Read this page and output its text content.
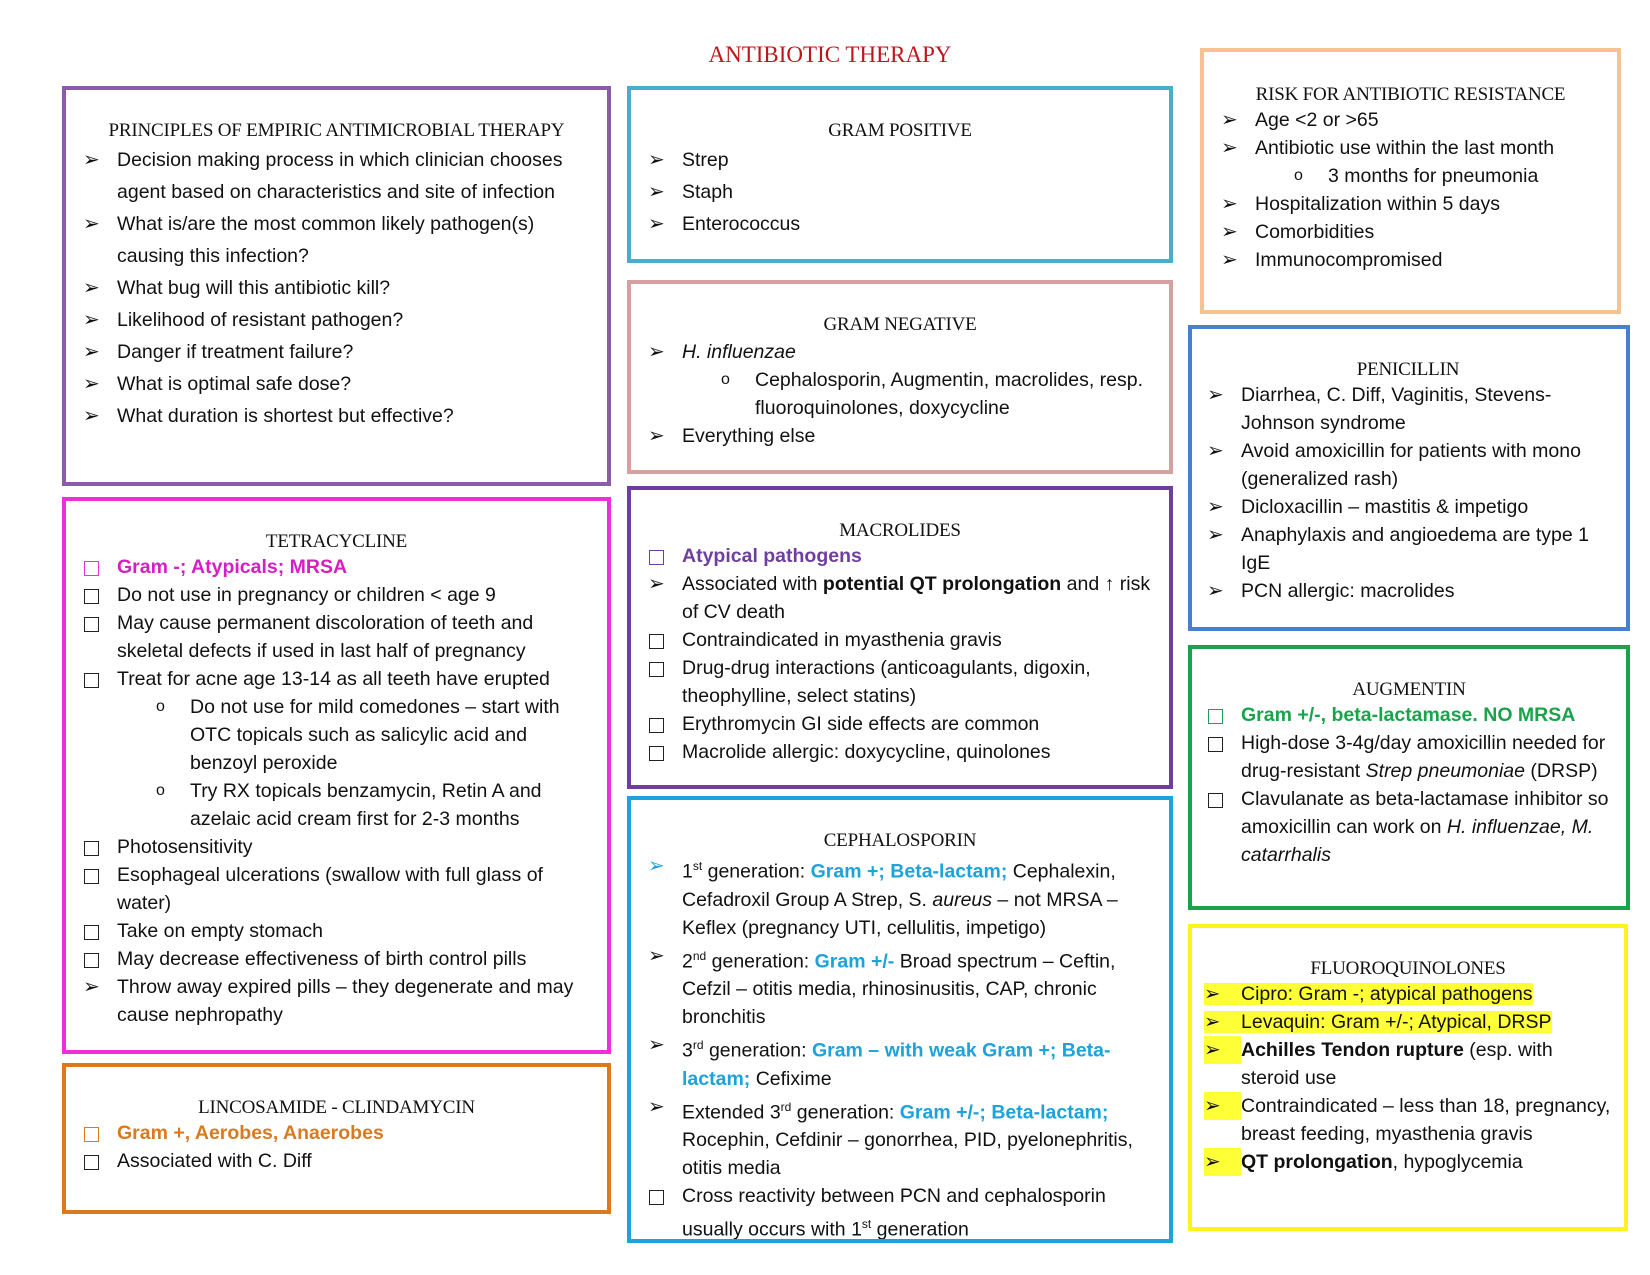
ANTIBIOTIC THERAPY
PRINCIPLES OF EMPIRIC ANTIMICROBIAL THERAPY
➢ Decision making process in which clinician chooses agent based on characteristics and site of infection
➢ What is/are the most common likely pathogen(s) causing this infection?
➢ What bug will this antibiotic kill?
➢ Likelihood of resistant pathogen?
➢ Danger if treatment failure?
➢ What is optimal safe dose?
➢ What duration is shortest but effective?
GRAM POSITIVE
➢ Strep
➢ Staph
➢ Enterococcus
GRAM NEGATIVE
➢ H. influenzae
o Cephalosporin, Augmentin, macrolides, resp. fluoroquinolones, doxycycline
➢ Everything else
RISK FOR ANTIBIOTIC RESISTANCE
➢ Age <2 or >65
➢ Antibiotic use within the last month
o 3 months for pneumonia
➢ Hospitalization within 5 days
➢ Comorbidities
➢ Immunocompromised
PENICILLIN
➢ Diarrhea, C. Diff, Vaginitis, Stevens-Johnson syndrome
➢ Avoid amoxicillin for patients with mono (generalized rash)
➢ Dicloxacillin – mastitis & impetigo
➢ Anaphylaxis and angioedema are type 1 IgE
➢ PCN allergic: macrolides
TETRACYCLINE
Gram -; Atypicals; MRSA
Do not use in pregnancy or children < age 9
May cause permanent discoloration of teeth and skeletal defects if used in last half of pregnancy
Treat for acne age 13-14 as all teeth have erupted
o Do not use for mild comedones – start with OTC topicals such as salicylic acid and benzoyl peroxide
o Try RX topicals benzamycin, Retin A and azelaic acid cream first for 2-3 months
Photosensitivity
Esophageal ulcerations (swallow with full glass of water)
Take on empty stomach
May decrease effectiveness of birth control pills
➢ Throw away expired pills – they degenerate and may cause nephropathy
MACROLIDES
Atypical pathogens
➢ Associated with potential QT prolongation and ↑ risk of CV death
Contraindicated in myasthenia gravis
Drug-drug interactions (anticoagulants, digoxin, theophylline, select statins)
Erythromycin GI side effects are common
Macrolide allergic: doxycycline, quinolones
AUGMENTIN
Gram +/-, beta-lactamase. NO MRSA
High-dose 3-4g/day amoxicillin needed for drug-resistant Strep pneumoniae (DRSP)
Clavulanate as beta-lactamase inhibitor so amoxicillin can work on H. influenzae, M. catarrhalis
CEPHALOSPORIN
➢ 1st generation: Gram +; Beta-lactam; Cephalexin, Cefadroxil Group A Strep, S. aureus – not MRSA – Keflex (pregnancy UTI, cellulitis, impetigo)
➢ 2nd generation: Gram +/- Broad spectrum – Ceftin, Cefzil – otitis media, rhinosinusitis, CAP, chronic bronchitis
➢ 3rd generation: Gram – with weak Gram +; Beta-lactam; Cefixime
➢ Extended 3rd generation: Gram +/-; Beta-lactam; Rocephin, Cefdinir – gonorrhea, PID, pyelonephritis, otitis media
Cross reactivity between PCN and cephalosporin usually occurs with 1st generation
LINCOSAMIDE - CLINDAMYCIN
Gram +, Aerobes, Anaerobes
Associated with C. Diff
FLUOROQUINOLONES
➢ Cipro: Gram -; atypical pathogens
➢ Levaquin: Gram +/-; Atypical, DRSP
➢	Achilles Tendon rupture (esp. with steroid use
➢	Contraindicated – less than 18, pregnancy, breast feeding, myasthenia gravis
➢	QT prolongation, hypoglycemia
